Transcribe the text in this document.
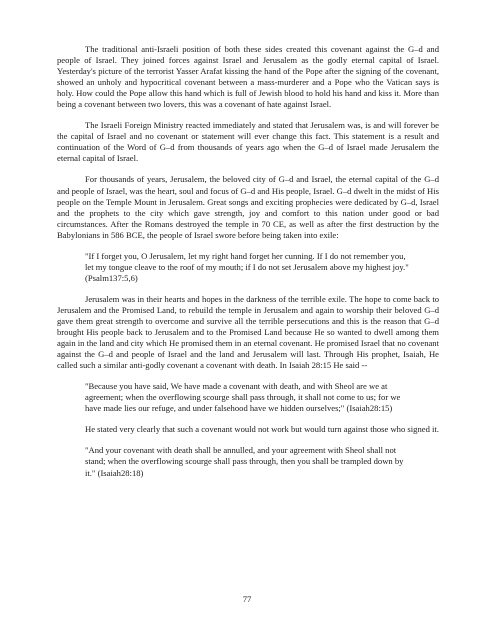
The traditional anti-Israeli position of both these sides created this covenant against the G–d and people of Israel. They joined forces against Israel and Jerusalem as the godly eternal capital of Israel. Yesterday's picture of the terrorist Yasser Arafat kissing the hand of the Pope after the signing of the covenant, showed an unholy and hypocritical covenant between a mass-murderer and a Pope who the Vatican says is holy. How could the Pope allow this hand which is full of Jewish blood to hold his hand and kiss it. More than being a covenant between two lovers, this was a covenant of hate against Israel.

The Israeli Foreign Ministry reacted immediately and stated that Jerusalem was, is and will forever be the capital of Israel and no covenant or statement will ever change this fact. This statement is a result and continuation of the Word of G–d from thousands of years ago when the G–d of Israel made Jerusalem the eternal capital of Israel.

For thousands of years, Jerusalem, the beloved city of G–d and Israel, the eternal capital of the G–d and people of Israel, was the heart, soul and focus of G–d and His people, Israel. G–d dwelt in the midst of His people on the Temple Mount in Jerusalem. Great songs and exciting prophecies were dedicated by G–d, Israel and the prophets to the city which gave strength, joy and comfort to this nation under good or bad circumstances. After the Romans destroyed the temple in 70 CE, as well as after the first destruction by the Babylonians in 586 BCE, the people of Israel swore before being taken into exile:

"If I forget you, O Jerusalem, let my right hand forget her cunning. If I do not remember you, let my tongue cleave to the roof of my mouth; if I do not set Jerusalem above my highest joy." (Psalm137:5,6)

Jerusalem was in their hearts and hopes in the darkness of the terrible exile. The hope to come back to Jerusalem and the Promised Land, to rebuild the temple in Jerusalem and again to worship their beloved G–d gave them great strength to overcome and survive all the terrible persecutions and this is the reason that G–d brought His people back to Jerusalem and to the Promised Land because He so wanted to dwell among them again in the land and city which He promised them in an eternal covenant. He promised Israel that no covenant against the G–d and people of Israel and the land and Jerusalem will last. Through His prophet, Isaiah, He called such a similar anti-godly covenant a covenant with death. In Isaiah 28:15 He said --

"Because you have said, We have made a covenant with death, and with Sheol are we at agreement; when the overflowing scourge shall pass through, it shall not come to us; for we have made lies our refuge, and under falsehood have we hidden ourselves;" (Isaiah28:15)

He stated very clearly that such a covenant would not work but would turn against those who signed it.

"And your covenant with death shall be annulled, and your agreement with Sheol shall not stand; when the overflowing scourge shall pass through, then you shall be trampled down by it." (Isaiah28:18)

77
